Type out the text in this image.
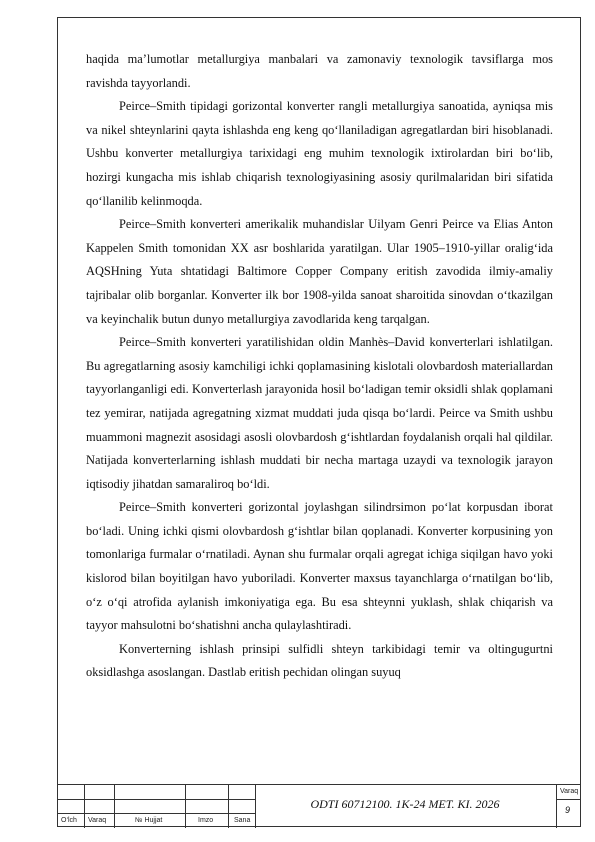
haqida ma’lumotlar metallurgiya manbalari va zamonaviy texnologik tavsiflarga mos ravishda tayyorlandi.

Peirce–Smith tipidagi gorizontal konverter rangli metallurgiya sanoatida, ayniqsa mis va nikel shteynlarini qayta ishlashda eng keng qo‘llaniladigan agregatlardan biri hisoblanadi. Ushbu konverter metallurgiya tarixidagi eng muhim texnologik ixtirolardan biri bo‘lib, hozirgi kungacha mis ishlab chiqarish texnologiyasining asosiy qurilmalaridan biri sifatida qo‘llanilib kelinmoqda.

Peirce–Smith konverteri amerikalik muhandislar Uilyam Genri Peirce va Elias Anton Kappelen Smith tomonidan XX asr boshlarida yaratilgan. Ular 1905–1910-yillar oralig‘ida AQSHning Yuta shtatidagi Baltimore Copper Company eritish zavodida ilmiy-amaliy tajribalar olib borganlar. Konverter ilk bor 1908-yilda sanoat sharoitida sinovdan o‘tkazilgan va keyinchalik butun dunyo metallurgiya zavodlarida keng tarqalgan.

Peirce–Smith konverteri yaratilishidan oldin Manhès–David konverterlari ishlatilgan. Bu agregatlarning asosiy kamchiligi ichki qoplamasining kislotali olovbardosh materiallardan tayyorlanganligi edi. Konverterlash jarayonida hosil bo‘ladigan temir oksidli shlak qoplamani tez yemirar, natijada agregatning xizmat muddati juda qisqa bo‘lardi. Peirce va Smith ushbu muammoni magnezit asosidagi asosli olovbardosh g‘ishtlardan foydalanish orqali hal qildilar. Natijada konverterlarning ishlash muddati bir necha martaga uzaydi va texnologik jarayon iqtisodiy jihatdan samaraliroq bo‘ldi.

Peirce–Smith konverteri gorizontal joylashgan silindrsimon po‘lat korpusdan iborat bo‘ladi. Uning ichki qismi olovbardosh g‘ishtlar bilan qoplanadi. Konverter korpusining yon tomonlariga furmalar o‘rnatiladi. Aynan shu furmalar orqali agregat ichiga siqilgan havo yoki kislorod bilan boyitilgan havo yuboriladi. Konverter maxsus tayanchlarga o‘rnatilgan bo‘lib, o‘z o‘qi atrofida aylanish imkoniyatiga ega. Bu esa shteynni yuklash, shlak chiqarish va tayyor mahsulotni bo‘shatishni ancha qulaylashtiradi.

Konverterning ishlash prinsipi sulfidli shteyn tarkibidagi temir va oltingugurtni oksidlashga asoslangan. Dastlab eritish pechidan olingan suyuq

O‘lch Varaq	№ Hujjat	Imzo	Sana
ODTI 60712100. 1K-24 MET. KI. 2026
Varaq
9
